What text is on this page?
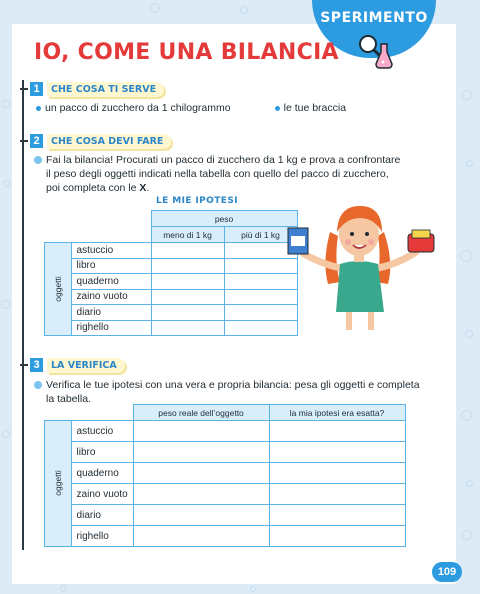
SPERIMENTO
IO, COME UNA BILANCIA
1	CHE COSA TI SERVE
un pacco di zucchero da 1 chilogrammo	le tue braccia
2	CHE COSA DEVI FARE

Fai la bilancia! Procurati un pacco di zucchero da 1 kg e prova a confrontare

il peso degli oggetti indicati nella tabella con quello del pacco di zucchero,

poi completa con le X.

LE MIE IPOTESI
		peso	
		meno di 1 kg	più di 1 kg
oggetti	astuccio		
	libro		
	quaderno		
	zaino vuoto		
	diario		
	righello		
3	LA VERIFICA

Verifica le tue ipotesi con una vera e propria bilancia: pesa gli oggetti e completa

la tabella.

		peso reale dell’oggetto	la mia ipotesi era esatta?
oggetti	astuccio		
	libro		
	quaderno		
	zaino vuoto		
	diario		
	righello		
109
